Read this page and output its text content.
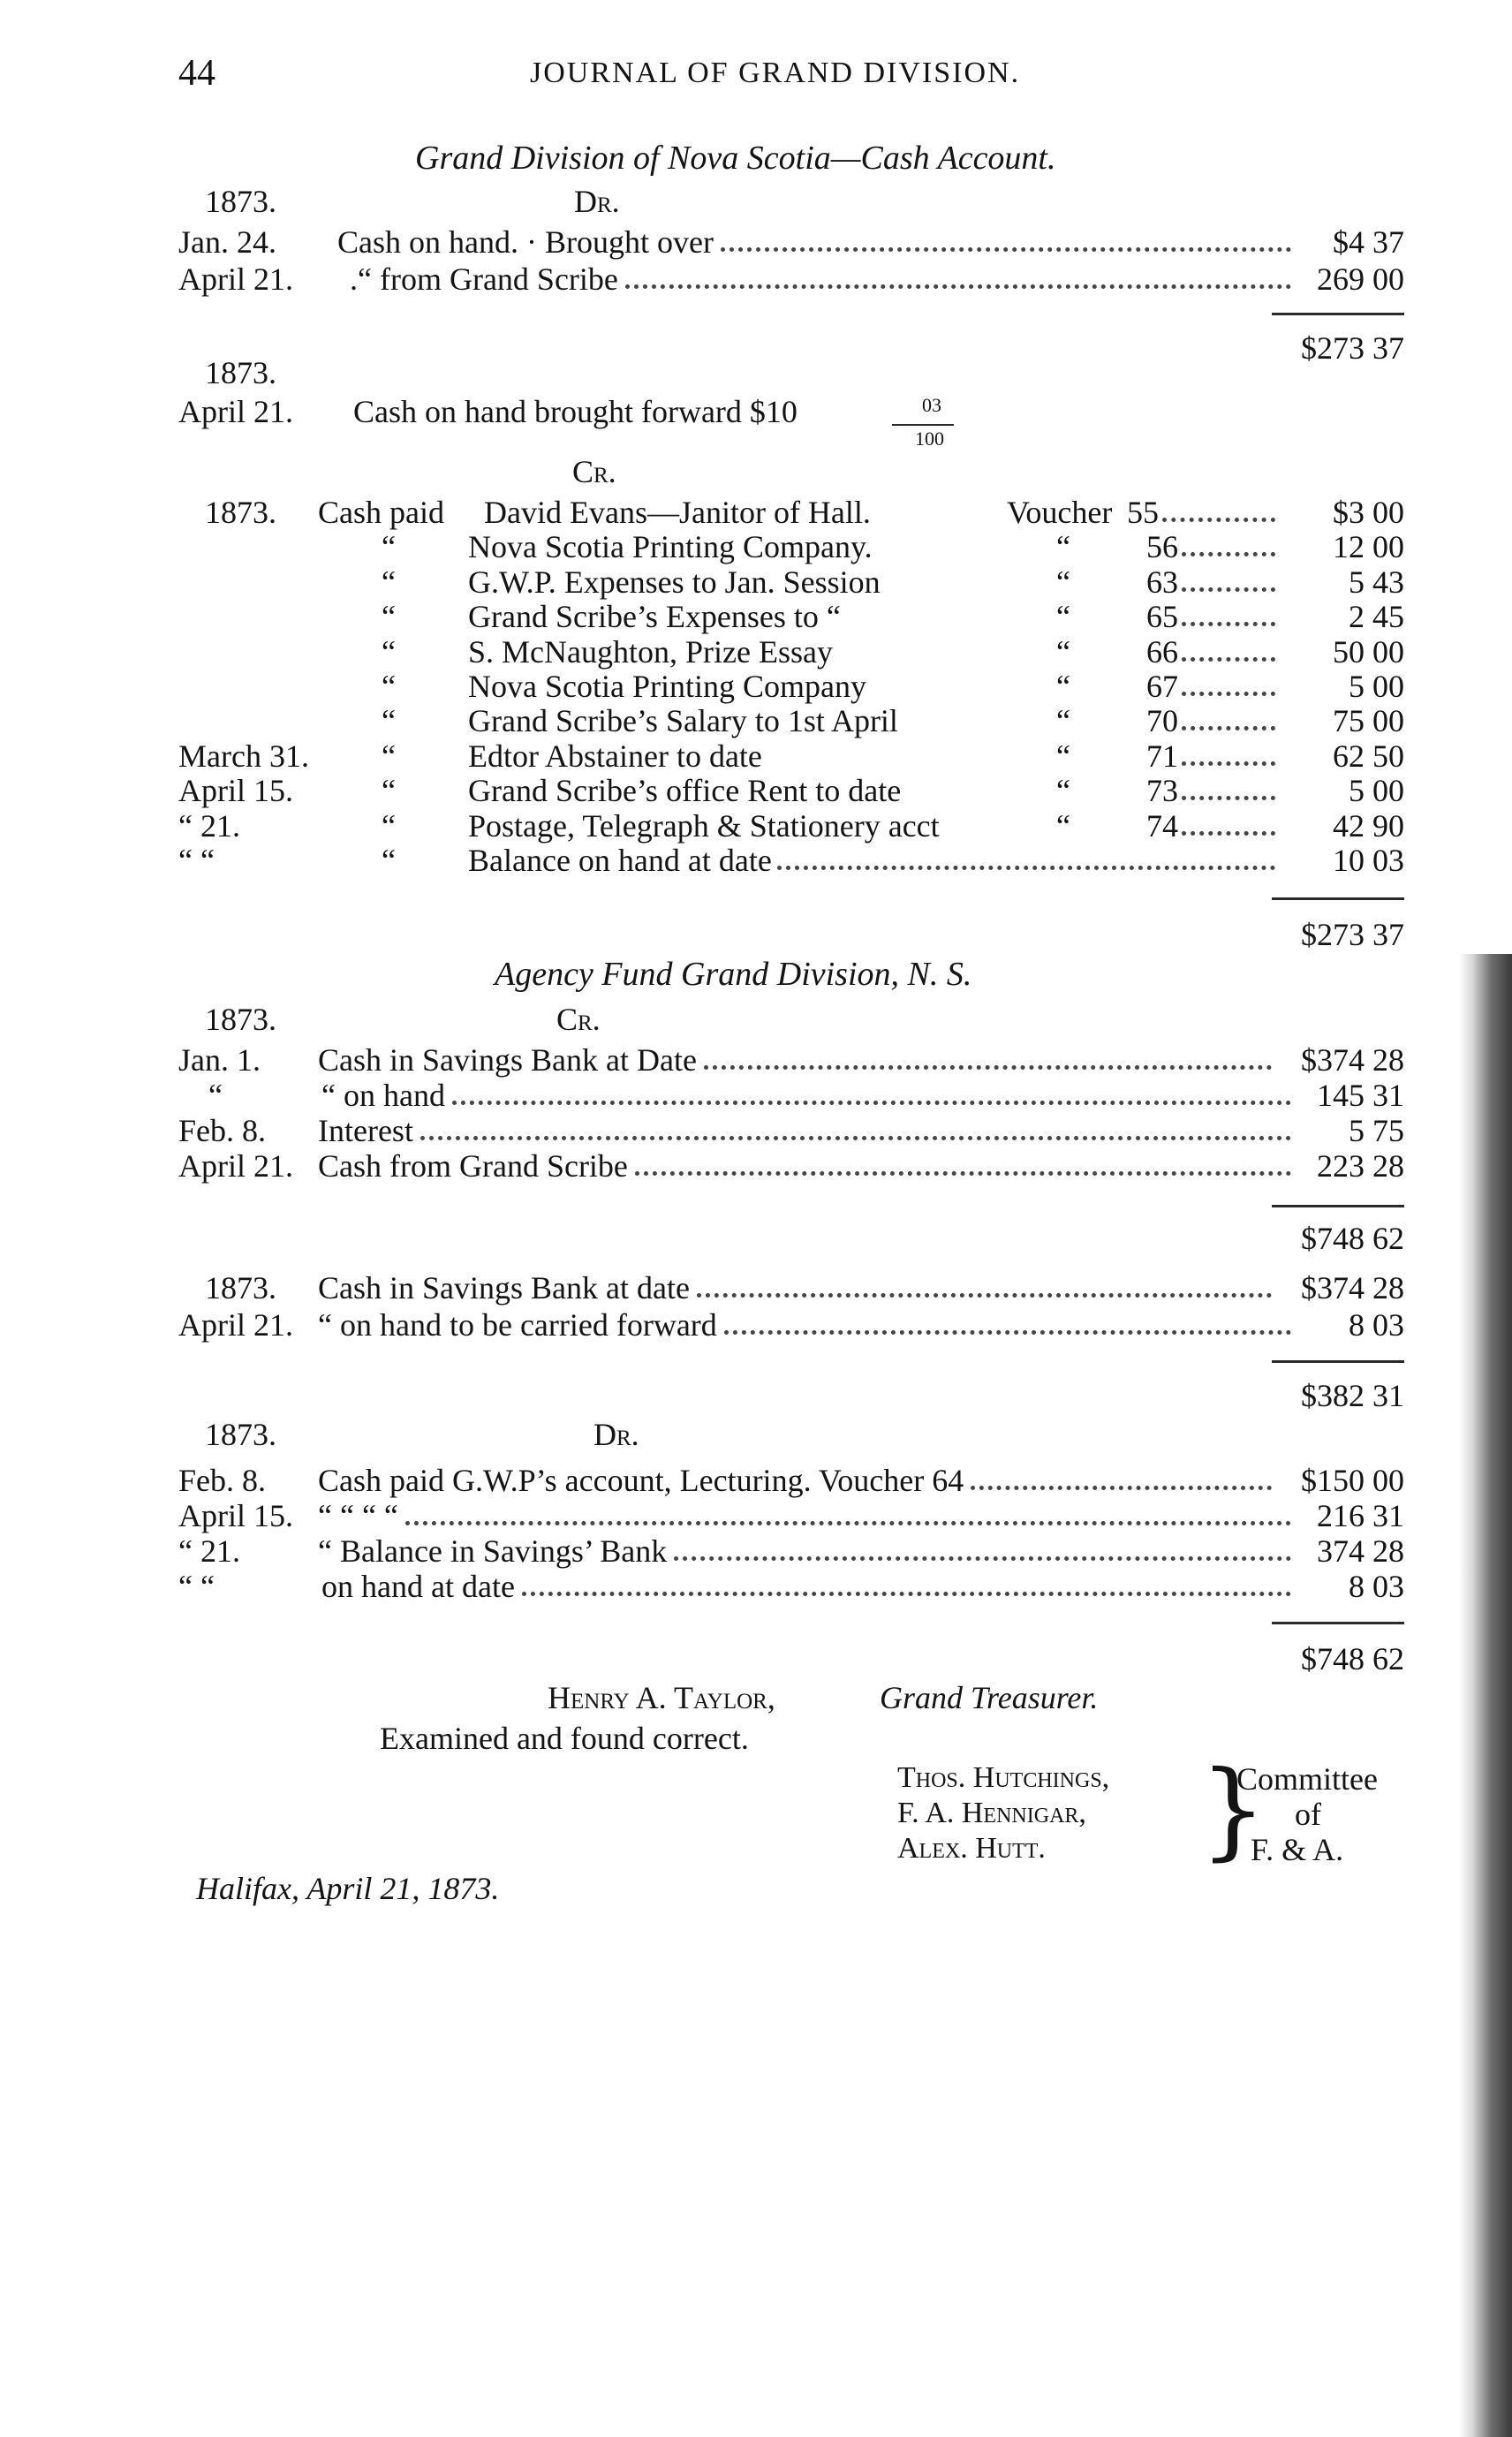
44	JOURNAL OF GRAND DIVISION.
Grand Division of Nova Scotia—Cash Account.
1873.	Dr.
Jan. 24. Cash on hand. · Brought over	$4 37
April 21. .“ from Grand Scribe	269 00
$273 37
1873.
April 21. Cash on hand brought forward $10	03
100
Cr.
1873. Cash paid David Evans—Janitor of Hall.	Voucher 55	$3 00
“ Nova Scotia Printing Company.	“ 56	12 00
“ G.W.P. Expenses to Jan. Session	“ 63	5 43
“ Grand Scribe’s Expenses to “	“ 65	2 45
“ S. McNaughton, Prize Essay	“ 66	50 00
“ Nova Scotia Printing Company	“ 67	5 00
“ Grand Scribe’s Salary to 1st April	“ 70	75 00
March 31. “ Edtor Abstainer to date	“ 71	62 50
April 15.	“ Grand Scribe’s office Rent to date	“ 73	5 00
“ 21.	“ Postage, Telegraph & Stationery acct	“ 74	42 90
“ “	“ Balance on hand at date	10 03
$273 37
Agency Fund Grand Division, N. S.
1873.	Cr.
Jan. 1. Cash in Savings Bank at Date	$374 28
“	“ on hand	145 31
Feb. 8. Interest	5 75
April 21. Cash from Grand Scribe	223 28
$748 62
1873. Cash in Savings Bank at date	$374 28
April 21. “ on hand to be carried forward	8 03
$382 31
1873.	Dr.
Feb. 8. Cash paid G.W.P’s account, Lecturing. Voucher 64	$150 00
April 15. “ “ “ “	216 31
“ 21. “ Balance in Savings’ Bank	374 28
“ “	on hand at date	8 03
$748 62
Henry A. Taylor,	Grand Treasurer.
Examined and found correct.
Thos. Hutchings,
F. A. Hennigar,
Alex. Hutt. }
Committee
of
F. & A.
Halifax, April 21, 1873.
